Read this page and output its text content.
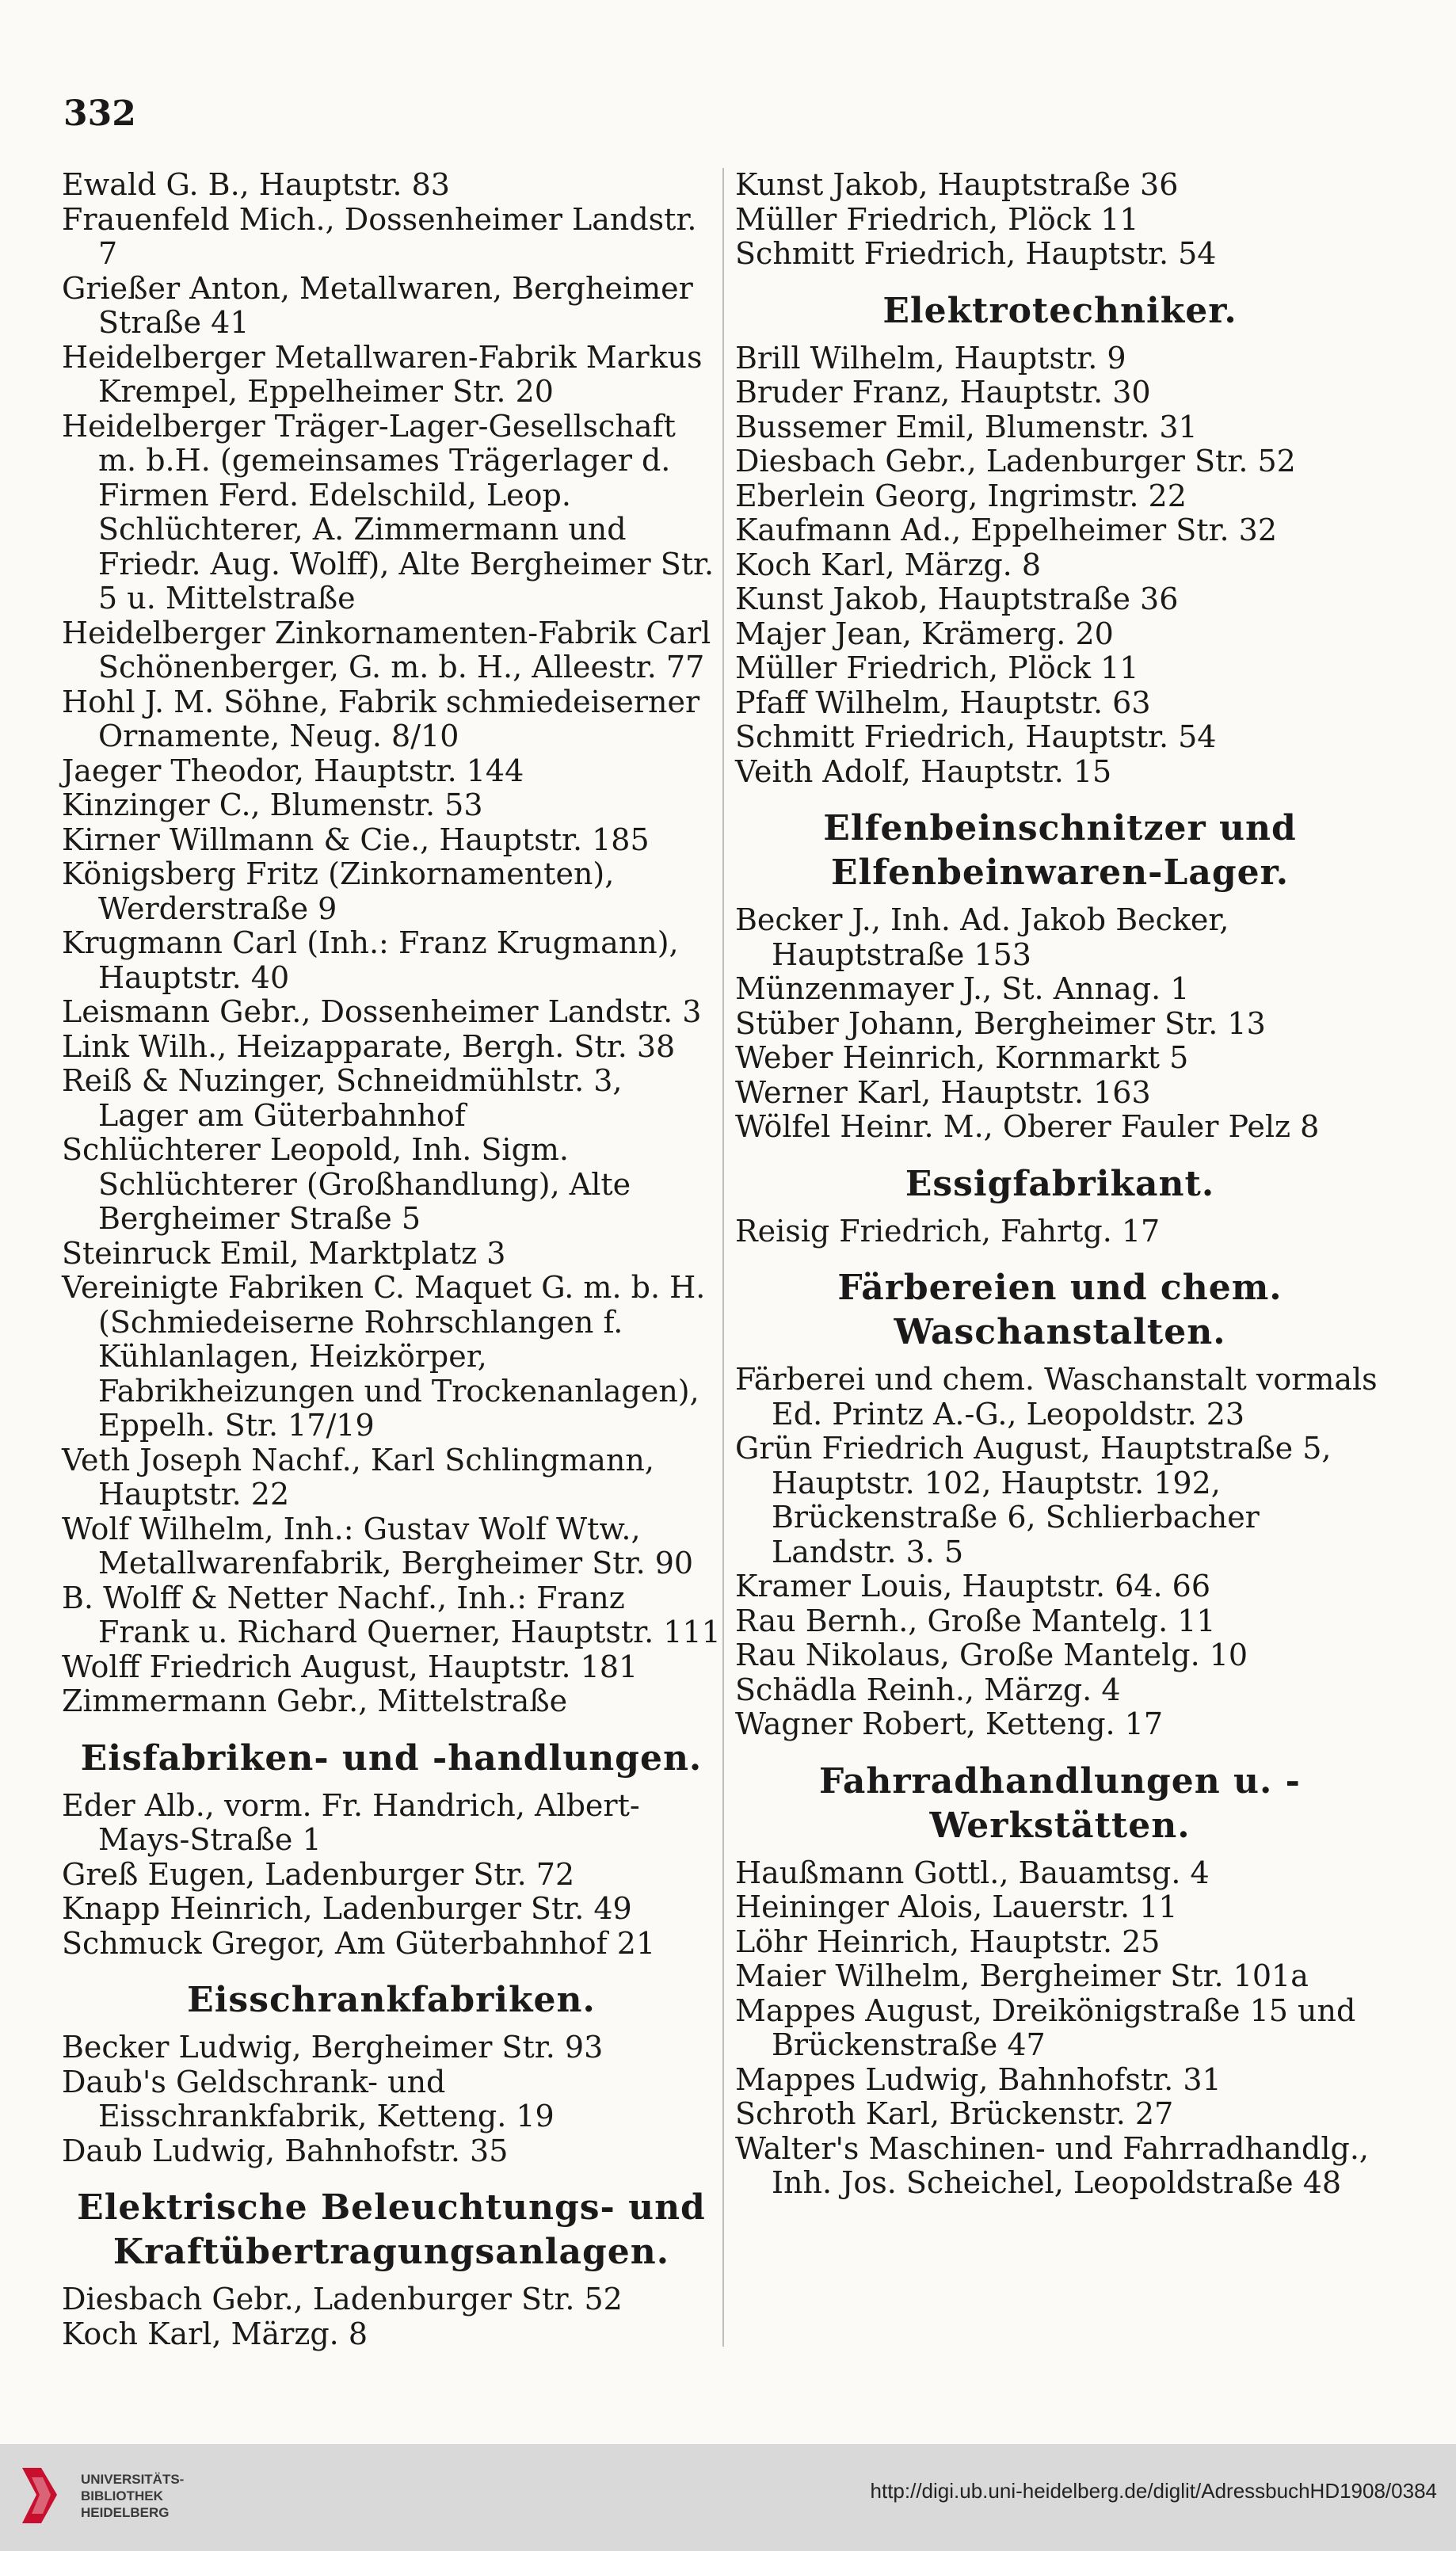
332
Ewald G. B., Hauptstr. 83
Frauenfeld Mich., Dossenheimer Landstr. 7
Grießer Anton, Metallwaren, Bergheimer Straße 41
Heidelberger Metallwaren-Fabrik Markus Krempel, Eppelheimer Str. 20
Heidelberger Träger-Lager-Gesellschaft m. b.H. (gemeinsames Trägerlager d. Firmen Ferd. Edelschild, Leop. Schlüchterer, A. Zimmermann und Friedr. Aug. Wolff), Alte Bergheimer Str. 5 u. Mittelstraße
Heidelberger Zinkornamenten-Fabrik Carl Schönenberger, G. m. b. H., Alleestr. 77
Hohl J. M. Söhne, Fabrik schmiedeiserner Ornamente, Neug. 8/10
Jaeger Theodor, Hauptstr. 144
Kinzinger C., Blumenstr. 53
Kirner Willmann & Cie., Hauptstr. 185
Königsberg Fritz (Zinkornamenten), Werderstraße 9
Krugmann Carl (Inh.: Franz Krugmann), Hauptstr. 40
Leismann Gebr., Dossenheimer Landstr. 3
Link Wilh., Heizapparate, Bergh. Str. 38
Reiß & Nuzinger, Schneidmühlstr. 3, Lager am Güterbahnhof
Schlüchterer Leopold, Inh. Sigm. Schlüchterer (Großhandlung), Alte Bergheimer Straße 5
Steinruck Emil, Marktplatz 3
Vereinigte Fabriken C. Maquet G. m. b. H. (Schmiedeiserne Rohrschlangen f. Kühlanlagen, Heizkörper, Fabrikheizungen und Trockenanlagen), Eppelh. Str. 17/19
Veth Joseph Nachf., Karl Schlingmann, Hauptstr. 22
Wolf Wilhelm, Inh.: Gustav Wolf Wtw., Metallwarenfabrik, Bergheimer Str. 90
B. Wolff & Netter Nachf., Inh.: Franz Frank u. Richard Querner, Hauptstr. 111
Wolff Friedrich August, Hauptstr. 181
Zimmermann Gebr., Mittelstraße
Eisfabriken- und -handlungen.
Eder Alb., vorm. Fr. Handrich, Albert-Mays-Straße 1
Greß Eugen, Ladenburger Str. 72
Knapp Heinrich, Ladenburger Str. 49
Schmuck Gregor, Am Güterbahnhof 21
Eisschrankfabriken.
Becker Ludwig, Bergheimer Str. 93
Daub's Geldschrank- und Eisschrankfabrik, Ketteng. 19
Daub Ludwig, Bahnhofstr. 35
Elektrische Beleuchtungs- und Kraftübertragungsanlagen.
Diesbach Gebr., Ladenburger Str. 52
Koch Karl, Märzg. 8
Kunst Jakob, Hauptstraße 36
Müller Friedrich, Plöck 11
Schmitt Friedrich, Hauptstr. 54
Elektrotechniker.
Brill Wilhelm, Hauptstr. 9
Bruder Franz, Hauptstr. 30
Bussemer Emil, Blumenstr. 31
Diesbach Gebr., Ladenburger Str. 52
Eberlein Georg, Ingrimstr. 22
Kaufmann Ad., Eppelheimer Str. 32
Koch Karl, Märzg. 8
Kunst Jakob, Hauptstraße 36
Majer Jean, Krämerg. 20
Müller Friedrich, Plöck 11
Pfaff Wilhelm, Hauptstr. 63
Schmitt Friedrich, Hauptstr. 54
Veith Adolf, Hauptstr. 15
Elfenbeinschnitzer und Elfenbeinwaren-Lager.
Becker J., Inh. Ad. Jakob Becker, Hauptstraße 153
Münzenmayer J., St. Annag. 1
Stüber Johann, Bergheimer Str. 13
Weber Heinrich, Kornmarkt 5
Werner Karl, Hauptstr. 163
Wölfel Heinr. M., Oberer Fauler Pelz 8
Essigfabrikant.
Reisig Friedrich, Fahrtg. 17
Färbereien und chem. Waschanstalten.
Färberei und chem. Waschanstalt vormals Ed. Printz A.-G., Leopoldstr. 23
Grün Friedrich August, Hauptstraße 5, Hauptstr. 102, Hauptstr. 192, Brückenstraße 6, Schlierbacher Landstr. 3. 5
Kramer Louis, Hauptstr. 64. 66
Rau Bernh., Große Mantelg. 11
Rau Nikolaus, Große Mantelg. 10
Schädla Reinh., Märzg. 4
Wagner Robert, Ketteng. 17
Fahrradhandlungen u. -Werkstätten.
Haußmann Gottl., Bauamtsg. 4
Heininger Alois, Lauerstr. 11
Löhr Heinrich, Hauptstr. 25
Maier Wilhelm, Bergheimer Str. 101a
Mappes August, Dreikönigstraße 15 und Brückenstraße 47
Mappes Ludwig, Bahnhofstr. 31
Schroth Karl, Brückenstr. 27
Walter's Maschinen- und Fahrradhandlg., Inh. Jos. Scheichel, Leopoldstraße 48
UNIVERSITÄTS-
BIBLIOTHEK
HEIDELBERG
http://digi.ub.uni-heidelberg.de/diglit/AdressbuchHD1908/0384
